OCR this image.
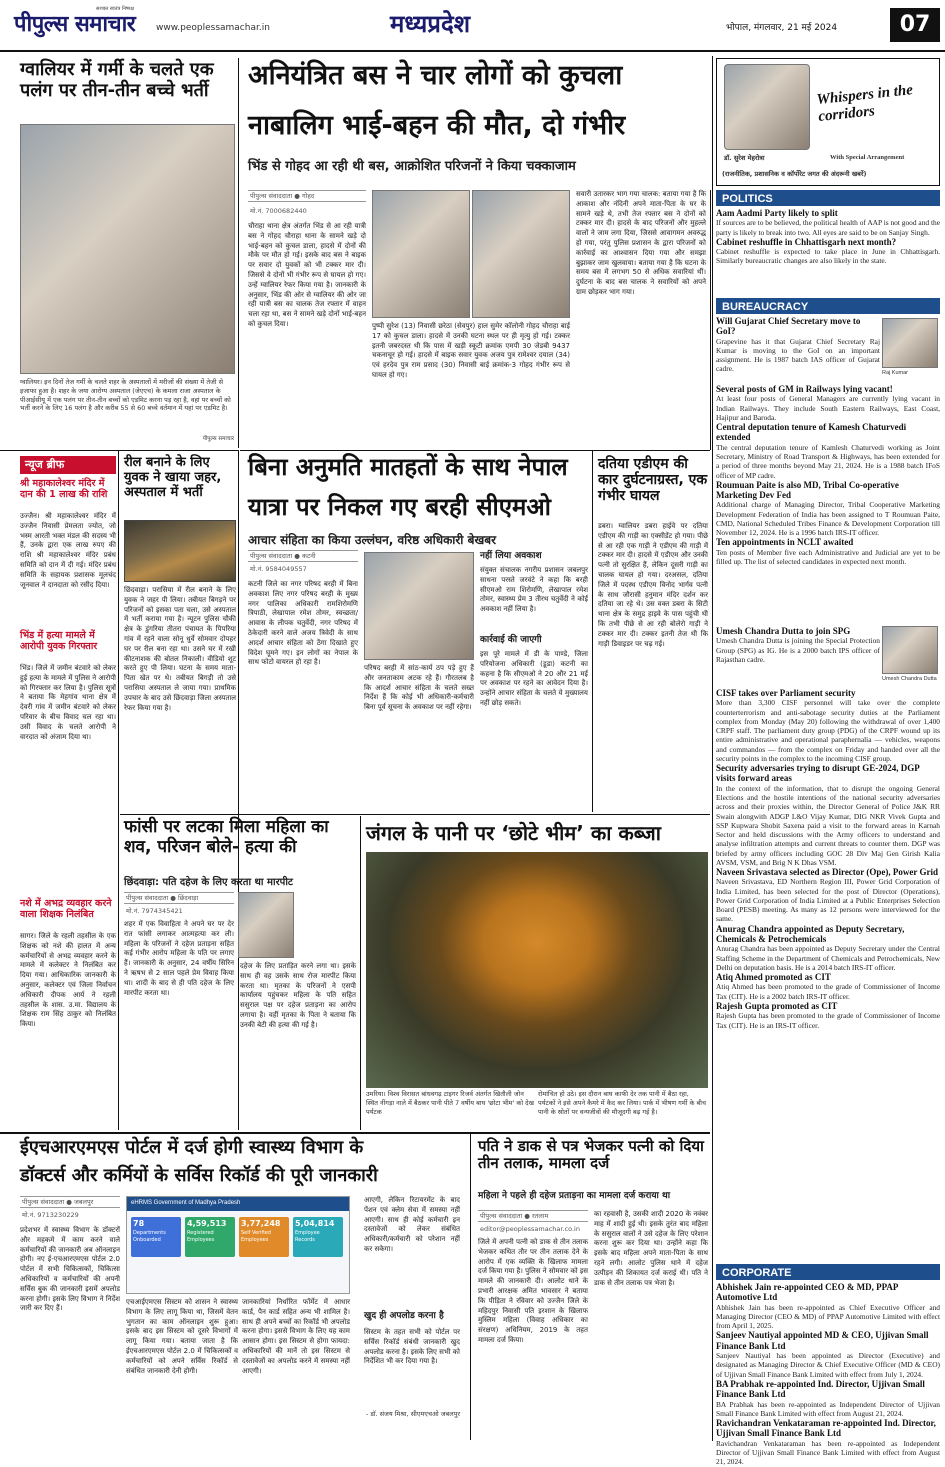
सशक्त स्वतंत्र निष्पक्ष
पीपुल्स समाचार www.peoplessamachar.in	मध्यप्रदेश	भोपाल, मंगलवार, 21 मई 2024	07
ग्वालियर में गर्मी के चलते एक पलंग पर तीन-तीन बच्चे भर्ती
ग्वालियर। इन दिनों तेज गर्मी के चलते शहर के अस्पतालों में मरीजों की संख्या में तेजी से इजाफा हुआ है। शहर के जया आरोग्य अस्पताल (जेएएच) के कमला राजा अस्पताल के पीआईसीयू में एक पलंग पर तीन-तीन बच्चों को एडमिट करना पड़ रहा है, वहां पर बच्चों को भर्ती करने के लिए 16 पलंग है और करीब 55 से 60 बच्चे वर्तमान में यहां पर एडमिट है।
पीपुल्स समाचार
अनियंत्रित बस ने चार लोगों को कुचला
नाबालिग भाई-बहन की मौत, दो गंभीर
भिंड से गोहद आ रही थी बस, आक्रोशित परिजनों ने किया चक्काजाम
पीपुल्स संवाददाता ● गोहद
मो.नं. 7000682440
चौराहा थाना क्षेत्र अंतर्गत भिंड से आ रही यात्री बस ने गोहद चौराहा थाना के सामने खड़े दो भाई-बहन को कुचल डाला, हादसे में दोनों की मौके पर मौत हो गई। इसके बाद बस ने बाइक पर सवार दो युवकों को भी टक्कर मार दी। जिससे वे दोनों भी गंभीर रूप से घायल हो गए। उन्हें ग्वालियर रेफर किया गया है। जानकारी के अनुसार, भिंड की ओर से ग्वालियर की ओर जा रही यात्री बस का चालक तेज रफ्तार में वाहन चला रहा था, बस ने सामने खड़े दोनों भाई-बहन को कुचल दिया।	पुष्पी सुरेश (13) निवासी छरेठा (सेवपुर) हाल सुमेर कॉलोनी गोहद चौराहा बाई 17 को कुचल डाला। हादसे में उनकी घटना स्थल पर ही मृत्यु हो गई। टक्कर इतनी जबरदस्त थी कि पास में खड़ी स्कूटी क्रमांक एमपी 30 जेडबी 9437 चकनाचूर हो गई। हादसे में बाइक सवार युवक अजय पुत्र रामेश्वर दयाल (34) एवं हरदेव पुत्र राम प्रसाद (30) निवासी बाई क्रमांक-3 गोहद गंभीर रूप से घायल हो गए।
सवारी उतारकर भाग गया चालक: बताया गया है कि आकाश और नंदिनी अपने माता-पिता के घर के सामने खड़े थे, तभी तेज रफ्तार बस ने दोनों को टक्कर मार दी। हादसे के बाद परिजनों और मुहल्ले वालों ने जाम लगा दिया, जिससे आवागमन अवरुद्ध हो गया, परंतु पुलिस प्रशासन के द्वारा परिजनों को कार्रवाई का आश्वासन दिया गया और समझा बुझाकर जाम खुलवाया। बताया गया है कि घटना के समय बस में लगभग 50 से अधिक सवारियां थीं। दुर्घटना के बाद बस चालक ने सवारियों को अपने ग्राम छोड़कर भाग गया।
न्यूज ब्रीफ
श्री महाकालेश्वर मंदिर में दान की 1 लाख की राशि
उज्जैन। श्री महाकालेश्वर मंदिर में उज्जैन निवासी प्रेमलता ज्योत, जो भस्म आरती भक्त मंडल की सदस्य भी हैं, उनके द्वारा एक लाख रुपए की राशि श्री महाकालेश्वर मंदिर प्रबंध समिति को दान में दी गई। मंदिर प्रबंध समिति के सहायक प्रशासक मूलचंद जूनवाल ने दानदाता को रसीद दिया।
भिंड में हत्या मामले में आरोपी युवक गिरफ्तार
भिंड। जिले में जमीन बंटवारे को लेकर हुई हत्या के मामले में पुलिस ने आरोपी को गिरफ्तार कर लिया है। पुलिस सूत्रों ने बताया कि मेहगांव थाना क्षेत्र में देवरी गांव में जमीन बंटवारे को लेकर परिवार के बीच विवाद चल रहा था। उसी विवाद के चलते आरोपी ने वारदात को अंजाम दिया था।
नशे में अभद्र व्यवहार करने वाला शिक्षक निलंबित
सागर। जिले के रहली तहसील के एक शिक्षक को नशे की हालत में अन्य कर्मचारियों से अभद्र व्यवहार करने के मामले में कलेक्टर ने निलंबित कर दिया गया। आधिकारिक जानकारी के अनुसार, कलेक्टर एवं जिला निर्वाचन अधिकारी दीपक आर्य ने रहली तहसील के शास. उ.मा. विद्यालय के शिक्षक राम सिंह ठाकुर को निलंबित किया।
रील बनाने के लिए युवक ने खाया जहर, अस्पताल में भर्ती
छिंदवाड़ा। परासिया में रील बनाने के लिए युवक ने जहर पी लिया। तबीयत बिगड़ने पर परिजनों को इसका पता चला, उसे अस्पताल में भर्ती कराया गया है। न्यूटन पुलिस चौकी क्षेत्र के डुंगरिया तीतरा पंचायत के पिपरिया गांव में रहने वाला सोनू धुर्वे सोमवार दोपहर घर पर रील बना रहा था। उसने घर में रखी कीटनाशक की बोतल निकाली। वीडियो शूट करते हुए पी लिया। घटना के समय माता-पिता खेत पर थे। तबीयत बिगड़ी तो उसे परासिया अस्पताल ले जाया गया। प्राथमिक उपचार के बाद उसे छिंदवाड़ा जिला अस्पताल रेफर किया गया है।
बिना अनुमति मातहतों के साथ नेपाल
यात्रा पर निकल गए बरही सीएमओ
आचार संहिता का किया उल्लंघन, वरिष्ठ अधिकारी बेखबर
पीपुल्स संवाददाता ● कटनी
मो.नं. 9584049557
कटनी जिले का नगर परिषद बरही में बिना अवकाश लिए नगर परिषद बरही के मुख्य नगर पालिका अधिकारी रामशिरोमणि त्रिपाठी, लेखापाल रमेश तोमर, स्वच्छता/आवास के लीपक चतुर्वेदी, नगर परिषद में ठेकेदारी करने वाले अजय त्रिवेदी के साथ आदर्श आचार संहिता को ठेंगा दिखाते हुए विदेश घूमने गए। इन लोगों का नेपाल के साथ फोटो वायरल हो रहा है।
परिषद बरही में सांठ-कार्य ठप पड़े हुए हैं और जनताकाम अटक रहे हैं। गौरतलब है कि आदर्श आचार संहिता के चलते सख्त निर्देश हैं कि कोई भी अधिकारी-कर्मचारी बिना पूर्व सूचना के अवकाश पर नहीं रहेगा।
नहीं लिया अवकाश
संयुक्त संचालक नगरीय प्रशासन जबलपुर साधना परस्ते जरवंटे ने कहा कि बरही सीएमओ राम शिरोमणि, लेखापाल रमेश तोमर, स्वास्थ्य प्रेम 3 तीरथ चतुर्वेदी ने कोई अवकाश नहीं लिया है।
कार्रवाई की जाएगी
इस पूरे मामले में डी के पाण्डे, जिला परियोजना अधिकारी (डूडा) कटनी का कहना है कि सीएमओ ने 20 और 21 मई पर अवकाश पर रहने का आवेदन दिया है। उन्होंने आचार संहिता के चलते ये मुख्यालय नहीं छोड़ सकते।
दतिया एडीएम की कार दुर्घटनाग्रस्त, एक गंभीर घायल
डबरा। ग्वालियर डबरा हाईवे पर दतिया एडीएम की गाड़ी का एक्सीडेंट हो गया। पीछे से आ रही एक गाड़ी ने एडीएम की गाड़ी में टक्कर मार दी। हादसे में एडीएम और उनकी पत्नी तो सुरक्षित हैं, लेकिन दूसरी गाड़ी का चालक घायल हो गया। दरअसल, दतिया जिले में पदस्थ एडीएम विनोद भार्गव पत्नी के साथ जौरासी हनुमान मंदिर दर्शन कर दतिया जा रहे थे। उस वक्त डबरा के सिटी थाना क्षेत्र के समुद्र हाइवे के पास पहुंची थी कि तभी पीछे से आ रही बोलेरो गाड़ी ने टक्कर मार दी। टक्कर इतनी तेज थी कि गाड़ी डिवाइडर पर चढ़ गई।
फांसी पर लटका मिला महिला का शव, परिजन बोले- हत्या की
छिंदवाड़ा: पति दहेज के लिए करता था मारपीट
पीपुल्स संवाददाता ● छिंदवाड़ा
मो.नं. 7974345421
शहर में एक विवाहिता ने अपने घर पर देर रात फांसी लगाकर आत्महत्या कर ली। महिला के परिजनों ने दहेज प्रताड़ना सहित कई गंभीर आरोप महिला के पति पर लगाए हैं। जानकारी के अनुसार, 24 वर्षीय सिरिन ने ऋषभ से 2 साल पहले प्रेम विवाह किया था। शादी के बाद से ही पति दहेज के लिए मारपीट करता था।
दहेज के लिए प्रताड़ित करने लगा था। इसके साथ ही वह उसके साथ रोज मारपीट किया करता था। मृतका के परिजनों ने एसपी कार्यालय पहुंचकर महिला के पति सहित ससुराल पक्ष पर दहेज प्रताड़ना का आरोप लगाया है। वहीं मृतका के पिता ने बताया कि उनकी बेटी की हत्या की गई है।
जंगल के पानी पर ‘छोटे भीम’ का कब्जा
उमरिया। विश्व विरासत बांधवगढ़ टाइगर रिजर्व अंतर्गत खितौली जोन स्थित नींगड़ा नाले में बैठकर पानी पीते 7 वर्षीय बाघ 'छोटा भीम' को देख पर्यटक
रोमांचित हो उठे। इस दौरान बाघ काफी देर तक पानी में बैठा रहा, पर्यटकों ने इसे अपने कैमरे में कैद कर लिया। पार्क में भीषण गर्मी के बीच पानी के स्रोतों पर वन्यजीवों की मौजूदगी बढ़ गई है।
ईएचआरएमएस पोर्टल में दर्ज होगी स्वास्थ्य विभाग के
डॉक्टर्स और कर्मियों के सर्विस रिकॉर्ड की पूरी जानकारी
पीपुल्स संवाददाता ● जबलपुर
मो.नं. 9713230229
प्रदेशभर में स्वास्थ्य विभाग के डॉक्टरों और महकमे में काम करने वाले कर्मचारियों की जानकारी अब ऑनलाइन होगी। नए ई-एचआरएमएस पोर्टल 2.0 पोर्टल में सभी चिकित्सकों, चिकित्सा अधिकारियों व कर्मचारियों की अपनी सर्विस बुक की जानकारी इसमें अपलोड करना होगी। इसके लिए विभाग ने निर्देश जारी कर दिए हैं।
eHRMS Government of Madhya Pradesh
78
Departments Onboarded
4,59,513
Registered Employees
3,77,248
Self Verified Employees
5,04,814
Employee Records
एचआईएमएस सिस्टम को शासन ने स्वास्थ्य विभाग के लिए लागू किया था, जिसमें वेतन भुगतान का काम ऑनलाइन शुरू हुआ। इसके बाद इस सिस्टम को दूसरे विभागों में लागू किया गया। बताया जाता है कि ईएचआरएमएस पोर्टल 2.0 में चिकित्सकों व कर्मचारियों को अपने सर्विस रिकॉर्ड से संबंधित जानकारी देनी होगी।
जानकारियां निर्धारित फॉर्मेट में आधार कार्ड, पैन कार्ड सहित अन्य भी शामिल है। साथ ही अपने बच्चों का रिकॉर्ड भी अपलोड करना होगा। इससे विभाग के लिए यह काम आसान होगा। इस सिस्टम से होगा फायदा: अधिकारियों की मानें तो इस सिस्टम से दस्तावेजों का अपलोड करने में समस्या नहीं आएगी।
आएगी, लेकिन रिटायरमेंट के बाद पेंशन एवं क्लेम सेवा में समस्या नहीं आएगी। साथ ही कोई कर्मचारी इन दस्तावेजों को लेकर संबंधित अधिकारी/कर्मचारी को परेशान नहीं कर सकेगा।
खुद ही अपलोड करना है
सिस्टम के तहत सभी को पोर्टल पर सर्विस रिकॉर्ड संबंधी जानकारी खुद अपलोड करना है। इसके लिए सभी को निर्देशित भी कर दिया गया है।
- डॉ. संजय मिश्रा, सीएमएचओ जबलपुर
पति ने डाक से पत्र भेजकर पत्नी को दिया तीन तलाक, मामला दर्ज
महिला ने पहले ही दहेज प्रताड़ना का मामला दर्ज कराया था
पीपुल्स संवाददाता ● रतलाम
editor@peoplessamachar.co.in
जिले में अपनी पत्नी को डाक से तीन तलाक भेजकर कथित तौर पर तीन तलाक देने के आरोप में एक व्यक्ति के खिलाफ मामला दर्ज किया गया है। पुलिस ने सोमवार को इस मामले की जानकारी दी। आलोट थाने के प्रभारी आरक्षक अमित भावसार ने बताया कि पीड़िता ने रविवार को उज्जैन जिले के महिदपुर निवासी पति इरशान के खिलाफ मुस्लिम महिला (विवाह अधिकार का संरक्षण) अधिनियम, 2019 के तहत मामला दर्ज किया।
का रहवासी है, उसकी शादी 2020 के नवंबर माह में शादी हुई थी। इसके तुरंत बाद महिला के ससुराल वालों ने उसे दहेज के लिए परेशान करना शुरू कर दिया था। उन्होंने कहा कि इसके बाद महिला अपने माता-पिता के साथ रहने लगी। आलोट पुलिस थाने में दहेज उत्पीड़न की शिकायत दर्ज कराई थी। पति ने डाक से तीन तलाक पत्र भेजा है।
Whispers in the corridors
डॉ. सुरेश मेहरोत्रा	With Special Arrangement
(राजनीतिक, प्रशासनिक व कॉर्पोरेट जगत की अंदरूनी खबरें)
POLITICS
Aam Aadmi Party likely to split
If sources are to be believed, the political health of AAP is not good and the party is likely to break into two. All eyes are said to be on Sanjay Singh.
Cabinet reshuffle in Chhattisgarh next month?
Cabinet reshuffle is expected to take place in June in Chhattisgarh. Similarly bureaucratic changes are also likely in the state.
BUREAUCRACY
Raj Kumar
Umesh Chandra Dutta
Will Gujarat Chief Secretary move to GoI?
Grapevine has it that Gujarat Chief Secretary Raj Kumar is moving to the GoI on an important assignment. He is 1987 batch IAS officer of Gujarat cadre.
Several posts of GM in Railways lying vacant!
At least four posts of General Managers are currently lying vacant in Indian Railways. They include South Eastern Railways, East Coast, Hajipur and Baroda.
Central deputation tenure of Kamesh Chaturvedi extended
The central deputation tenure of Kamlesh Chaturvedi working as Joint Secretary, Ministry of Road Transport & Highways, has been extended for a period of three months beyond May 21, 2024. He is a 1988 batch IFoS officer of MP cadre.
Roumuan Paite is also MD, Tribal Co-operative Marketing Dev Fed
Additional charge of Managing Director, Tribal Cooperative Marketing Development Federation of India has been assigned to T Roumuan Paite, CMD, National Scheduled Tribes Finance & Development Corporation till November 12, 2024. He is a 1996 batch IRS-IT officer.
Ten appointments in NCLT awaited
Ten posts of Member five each Administrative and Judicial are yet to be filled up. The list of selected candidates in expected next month.
Umesh Chandra Dutta to join SPG
Umesh Chandra Dutta is joining the Special Protection Group (SPG) as IG. He is a 2000 batch IPS officer of Rajasthan cadre.
CISF takes over Parliament security
More than 3,300 CISF personnel will take over the complete counterterrorism and anti-sabotage security duties at the Parliament complex from Monday (May 20) following the withdrawal of over 1,400 CRPF staff. The parliament duty group (PDG) of the CRPF wound up its entire administrative and operational paraphernalia — vehicles, weapons and commandos — from the complex on Friday and handed over all the security points in the complex to the incoming CISF group.
Security adversaries trying to disrupt GE-2024, DGP visits forward areas
In the context of the information, that to disrupt the ongoing General Elections and the hostile intentions of the national security adversaries across and their proxies within, the Director General of Police J&K RR Swain alongwith ADGP L&O Vijay Kumar, DIG NKR Vivek Gupta and SSP Kupwara Shobit Saxena paid a visit to the forward areas in Karnah Sector and held discussions with the Army officers to understand and analyse infiltration attempts and current threats to counter them. DGP was briefed by army officers including GOC 28 Div Maj Gen Girish Kalia AVSM, VSM, and Brig N K Dhas VSM.
Naveen Srivastava selected as Director (Ope), Power Grid
Naveen Srivastava, ED Northern Region III, Power Grid Corporation of India Limited, has been selected for the post of Director (Operations), Power Grid Corporation of India Limited at a Public Enterprises Selection Board (PESB) meeting. As many as 12 persons were interviewed for the same.
Anurag Chandra appointed as Deputy Secretary, Chemicals & Petrochemicals
Anurag Chandra has been appointed as Deputy Secretary under the Central Staffing Scheme in the Department of Chemicals and Petrochemicals, New Delhi on deputation basis. He is a 2014 batch IRS-IT officer.
Atiq Ahmed promoted as CIT
Atiq Ahmed has been promoted to the grade of Commissioner of Income Tax (CIT). He is a 2002 batch IRS-IT officer.
Rajesh Gupta promoted as CIT
Rajesh Gupta has been promoted to the grade of Commissioner of Income Tax (CIT). He is an IRS-IT officer.
CORPORATE
Abhishek Jain re-appointed CEO & MD, PPAP Automotive Ltd
Abhishek Jain has been re-appointed as Chief Executive Officer and Managing Director (CEO & MD) of PPAP Automotive Limited with effect from April 1, 2025.
Sanjeev Nautiyal appointed MD & CEO, Ujjivan Small Finance Bank Ltd
Sanjeev Nautiyal has been appointed as Director (Executive) and designated as Managing Director & Chief Executive Officer (MD & CEO) of Ujjivan Small Finance Bank Limited with effect from July 1, 2024.
BA Prabhak re-appointed Ind. Director, Ujjivan Small Finance Bank Ltd
BA Prabhak has been re-appointed as Independent Director of Ujjivan Small Finance Bank Limited with effect from August 21, 2024.
Ravichandran Venkataraman re-appointed Ind. Director, Ujjivan Small Finance Bank Ltd
Ravichandran Venkataraman has been re-appointed as Independent Director of Ujjivan Small Finance Bank Limited with effect from August 21, 2024.
